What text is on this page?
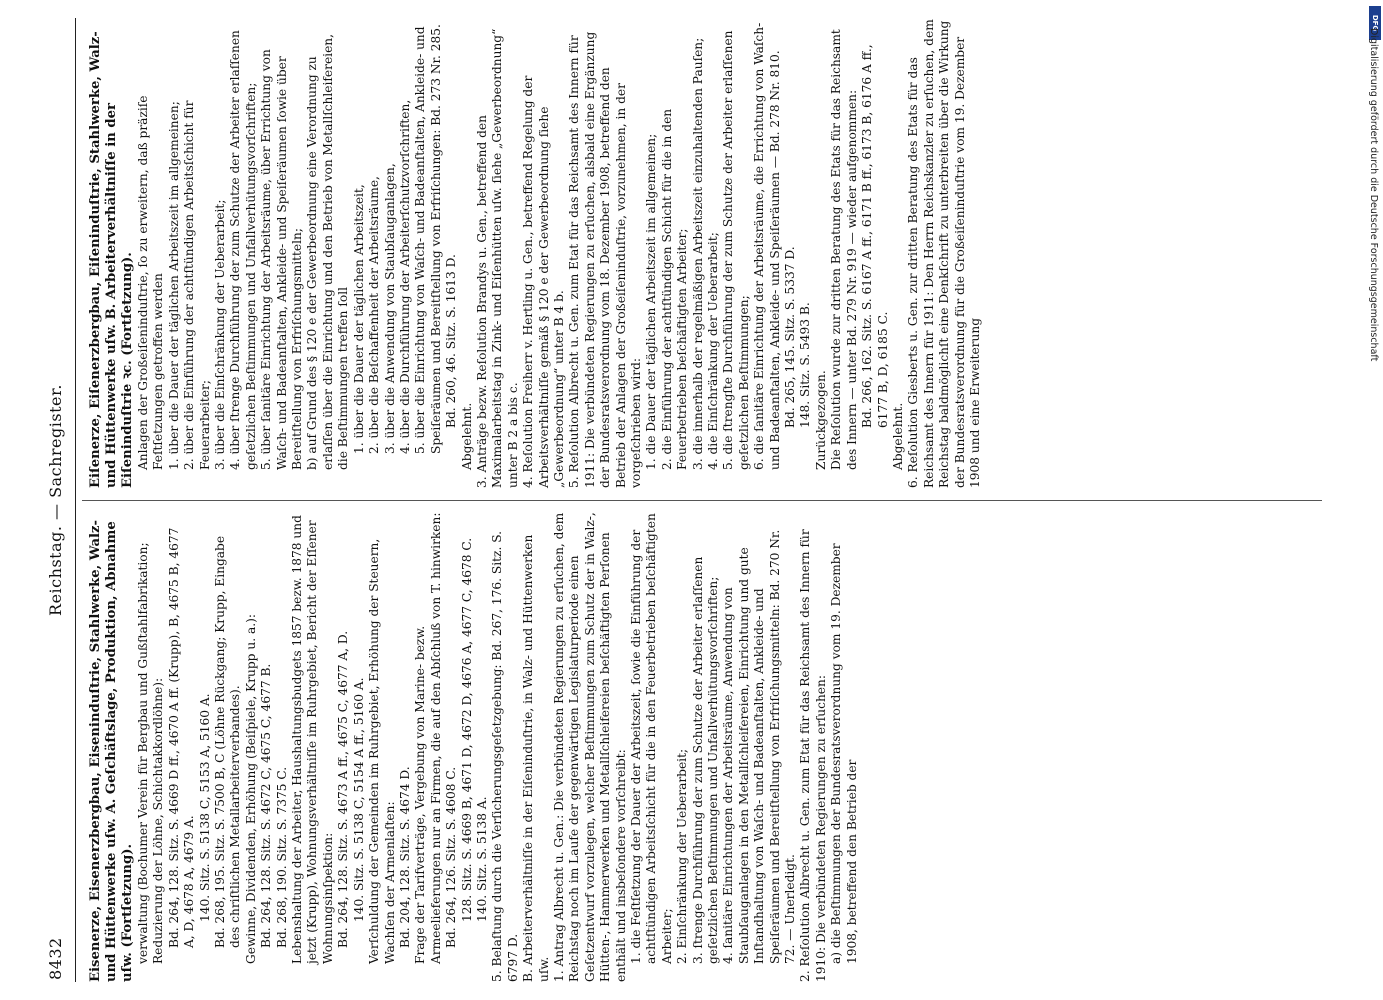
8432
Reichstag. — Sachregister.

Eisenerze, Eisenerzbergbau, Eiseninduſtrie, Stahlwerke, Walz- und Hüttenwerke uſw. A. Geſchäftslage, Produktion, Abnahme uſw. (Fortſetzung). verwaltung (Bochumer Verein für Bergbau und Gußſtahlfabrikation; Reduzierung der Löhne, Schichtakkordlöhne): Bd. 264, 128. Sitz. S. 4669 D ff., 4670 A ff. (Krupp), B, 4675 B, 4677 A, D, 4678 A, 4679 A. 140. Sitz. S. 5138 C, 5153 A, 5160 A. Bd. 268, 195. Sitz. S. 7500 B, C (Löhne Rückgang; Krupp, Eingabe des chriſtlichen Metallarbeiterverbandes). Gewinne, Dividenden, Erhöhung (Beiſpiele, Krupp u. a.): Bd. 264, 128. Sitz. S. 4672 C, 4675 C, 4677 B. Bd. 268, 190. Sitz. S. 7375 C. Lebenshaltung der Arbeiter, Haushaltungsbudgets 1857 bezw. 1878 und jetzt (Krupp), Wohnungsverhältniſſe im Ruhrgebiet, Bericht der Eſſener Wohnungsinſpektion: Bd. 264, 128. Sitz. S. 4673 A ff., 4675 C, 4677 A, D. 140. Sitz. S. 5138 C, 5154 A ff., 5160 A. Verſchuldung der Gemeinden im Ruhrgebiet, Erhöhung der Steuern, Wachſen der Armenlaſten: Bd. 204, 128. Sitz. S. 4674 D. Frage der Tarifverträge, Vergebung von Marine- bezw. Armeelieferungen nur an Firmen, die auf den Abſchluß von T. hinwirken: Bd. 264, 126. Sitz. S. 4608 C. 128. Sitz. S. 4669 B, 4671 D, 4672 D, 4676 A, 4677 C, 4678 C. 140. Sitz. S. 5138 A. 5. Belaſtung durch die Verſicherungsgeſetzgebung: Bd. 267, 176. Sitz. S. 6797 D. B. Arbeiterverhältniſſe in der Eiſeninduſtrie, in Walz- und Hüttenwerken uſw. 1. Antrag Albrecht u. Gen.: Die verbündeten Regierungen zu erſuchen, dem Reichstag noch im Laufe der gegenwärtigen Legislaturperiode einen Geſetzentwurf vorzulegen, welcher Beſtimmungen zum Schutz der in Walz-, Hütten-, Hammerwerken und Metallſchleifereien beſchäftigten Perſonen enthält und insbeſondere vorſchreibt: 1. die Feſtſetzung der Dauer der Arbeitszeit, ſowie die Einführung der achtſtündigen Arbeitsſchicht für die in den Feuerbetrieben beſchäftigten Arbeiter; 2. Einſchränkung der Ueberarbeit; 3. ſtrenge Durchführung der zum Schutze der Arbeiter erlaſſenen geſetzlichen Beſtimmungen und Unfallverhütungsvorſchriften; 4. ſanitäre Einrichtungen der Arbeitsräume, Anwendung von Staubſauganlagen in den Metallſchleifereien, Einrichtung und gute Inſtandhaltung von Waſch- und Badeanſtalten, Ankleide- und Speiſeräumen und Bereitſtellung von Erfriſchungsmitteln: Bd. 270 Nr. 72. — Unerledigt. 2. Reſolution Albrecht u. Gen. zum Etat für das Reichsamt des Innern für 1910: Die verbündeten Regierungen zu erſuchen: a) die Beſtimmungen der Bundesratsverordnung vom 19. Dezember 1908, betreffend den Betrieb der

Eiſenerze, Eiſenerzbergbau, Eiſeninduſtrie, Stahlwerke, Walz- und Hüttenwerke uſw. B. Arbeiterverhältniſſe in der Eiſeninduſtrie ꝛc. (Fortſetzung). Anlagen der Großeiſeninduſtrie, ſo zu erweitern, daß präziſe Feſtſetzungen getroffen werden 1. über die Dauer der täglichen Arbeitszeit im allgemeinen; 2. über die Einführung der achtſtündigen Arbeitsſchicht für Feuerarbeiter; 3. über die Einſchränkung der Ueberarbeit; 4. über ſtrenge Durchführung der zum Schutze der Arbeiter erlaſſenen geſetzlichen Beſtimmungen und Unfallverhütungsvorſchriften; 5. über ſanitäre Einrichtung der Arbeitsräume, über Errichtung von Waſch- und Badeanſtalten, Ankleide- und Speiſeräumen ſowie über Bereitſtellung von Erfriſchungsmitteln; b) auf Grund des § 120 e der Gewerbeordnung eine Verordnung zu erlaſſen über die Einrichtung und den Betrieb von Metallſchleifereien, die Beſtimmungen treffen ſoll 1. über die Dauer der täglichen Arbeitszeit, 2. über die Beſchaffenheit der Arbeitsräume, 3. über die Anwendung von Staubſauganlagen, 4. über die Durchführung der Arbeiterſchutzvorſchriften, 5. über die Einrichtung von Waſch- und Badeanſtalten, Ankleide- und Speiſeräumen und Bereitſtellung von Erfriſchungen: Bd. 273 Nr. 285. Bd. 260, 46. Sitz. S. 1613 D.

Abgelehnt. 3. Anträge bezw. Reſolution Brandys u. Gen., betreffend den Maximalarbeitstag in Zink- und Eiſenhütten uſw. ſiehe „Gewerbeordnung“ unter B 2 a bis c. 4. Reſolution Freiherr v. Hertling u. Gen., betreffend Regelung der Arbeitsverhältniſſe gemäß § 120 e der Gewerbeordnung ſiehe „Gewerbeordnung“ unter B 4 b. 5. Reſolution Albrecht u. Gen. zum Etat für das Reichsamt des Innern für 1911: Die verbündeten Regierungen zu erſuchen, alsbald eine Ergänzung der Bundesratsverordnung vom 18. Dezember 1908, betreffend den Betrieb der Anlagen der Großeiſeninduſtrie, vorzunehmen, in der vorgeſchrieben wird: 1. die Dauer der täglichen Arbeitszeit im allgemeinen; 2. die Einführung der achtſtündigen Schicht für die in den Feuerbetrieben beſchäftigten Arbeiter; 3. die innerhalb der regelmäßigen Arbeitszeit einzuhaltenden Pauſen; 4. die Einſchränkung der Ueberarbeit; 5. die ſtrengſte Durchführung der zum Schutze der Arbeiter erlaſſenen geſetzlichen Beſtimmungen; 6. die ſanitäre Einrichtung der Arbeitsräume, die Errichtung von Waſch- und Badeanſtalten, Ankleide- und Speiſeräumen — Bd. 278 Nr. 810. Bd. 265, 145. Sitz. S. 5337 D. 148. Sitz. S. 5493 B. Zurückgezogen. Die Reſolution wurde zur dritten Beratung des Etats für das Reichsamt des Innern — unter Bd. 279 Nr. 919 — wieder aufgenommen: Bd. 266, 162. Sitz. S. 6167 A ff., 6171 B ff., 6173 B, 6176 A ff., 6177 B, D, 6185 C.

Abgelehnt. 6. Reſolution Giesberts u. Gen. zur dritten Beratung des Etats für das Reichsamt des Innern für 1911: Den Herrn Reichskanzler zu erſuchen, dem Reichstag baldmöglichſt eine Denkſchrift zu unterbreiten über die Wirkung der Bundesratsverordnung für die Großeiſeninduſtrie vom 19. Dezember 1908 und eine Erweiterung

DFG
Digitalisierung gefördert durch die Deutsche Forschungsgemeinschaft
